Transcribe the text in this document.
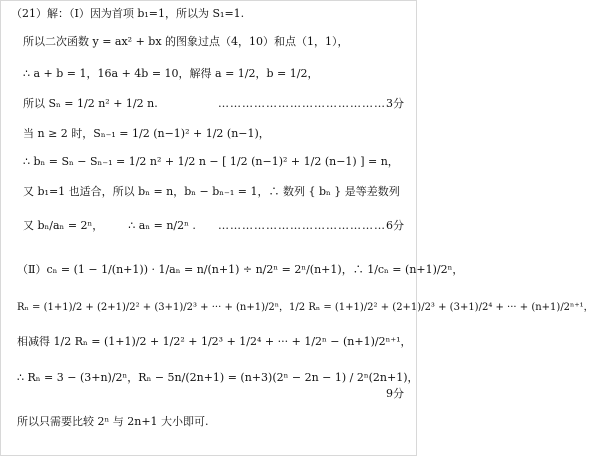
（21）解：（Ⅰ）因为首项 b₁=1，所以为 S₁=1.
所以二次函数 y = ax² + bx 的图象过点（4，10）和点（1，1），
∴ a + b = 1，16a + 4b = 10，解得 a = 1/2，b = 1/2，
所以 Sₙ = 1/2 n² + 1/2 n.	……………………………………3分
当 n ≥ 2 时，Sₙ₋₁ = 1/2 (n−1)² + 1/2 (n−1)，
∴ bₙ = Sₙ − Sₙ₋₁ = 1/2 n² + 1/2 n − [ 1/2 (n−1)² + 1/2 (n−1) ] = n，
又 b₁=1 也适合，所以 bₙ = n，bₙ − bₙ₋₁ = 1，∴ 数列 { bₙ } 是等差数列
又 bₙ/aₙ = 2ⁿ， ∴ aₙ = n/2ⁿ . ……………………………………6分
（Ⅱ）cₙ = (1 − 1/(n+1)) · 1/aₙ = n/(n+1) ÷ n/2ⁿ = 2ⁿ/(n+1)，∴ 1/cₙ = (n+1)/2ⁿ，
Rₙ = (1+1)/2 + (2+1)/2² + (3+1)/2³ + ··· + (n+1)/2ⁿ，1/2 Rₙ = (1+1)/2² + (2+1)/2³ + (3+1)/2⁴ + ··· + (n+1)/2ⁿ⁺¹，
相减得 1/2 Rₙ = (1+1)/2 + 1/2² + 1/2³ + 1/2⁴ + ··· + 1/2ⁿ − (n+1)/2ⁿ⁺¹，
∴ Rₙ = 3 − (3+n)/2ⁿ，Rₙ − 5n/(2n+1) = (n+3)(2ⁿ − 2n − 1) / 2ⁿ(2n+1)，
9分
所以只需要比较 2ⁿ 与 2n+1 大小即可.
